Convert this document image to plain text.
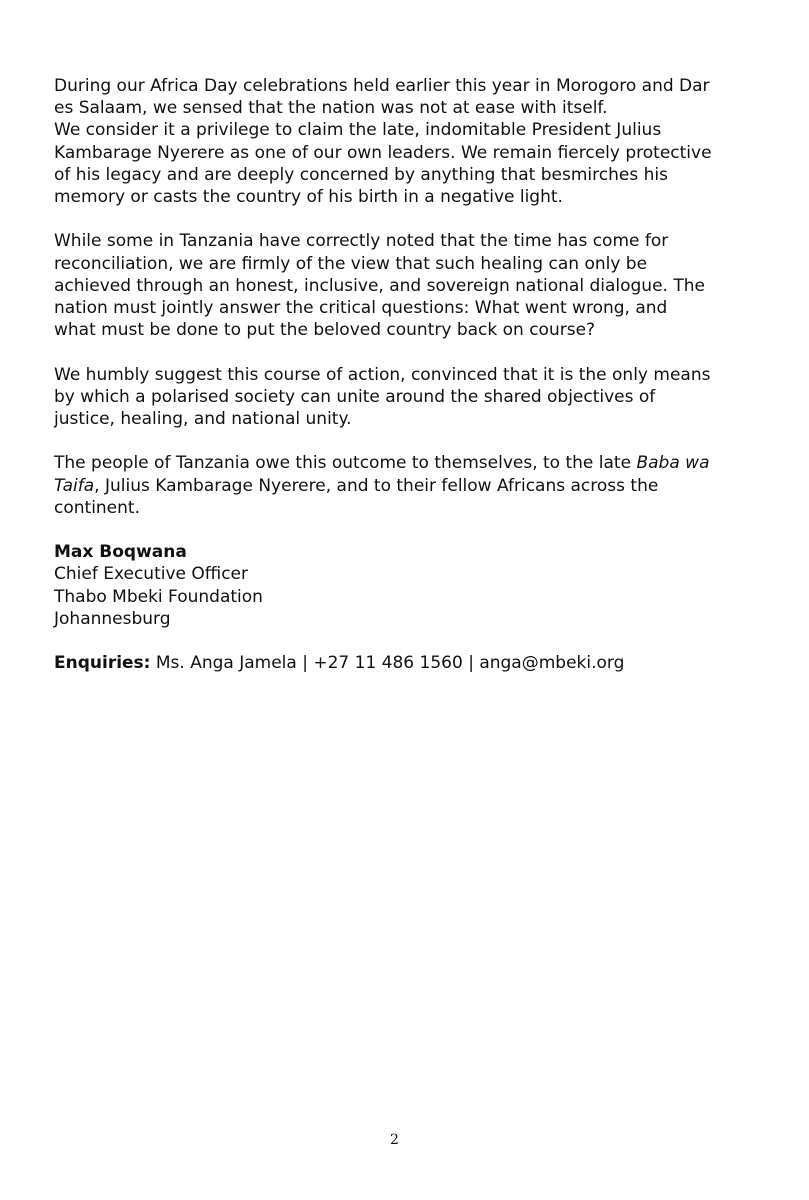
During our Africa Day celebrations held earlier this year in Morogoro and Dar
es Salaam, we sensed that the nation was not at ease with itself.
We consider it a privilege to claim the late, indomitable President Julius
Kambarage Nyerere as one of our own leaders. We remain fiercely protective
of his legacy and are deeply concerned by anything that besmirches his
memory or casts the country of his birth in a negative light.

While some in Tanzania have correctly noted that the time has come for
reconciliation, we are firmly of the view that such healing can only be
achieved through an honest, inclusive, and sovereign national dialogue. The
nation must jointly answer the critical questions: What went wrong, and
what must be done to put the beloved country back on course?

We humbly suggest this course of action, convinced that it is the only means
by which a polarised society can unite around the shared objectives of
justice, healing, and national unity.

The people of Tanzania owe this outcome to themselves, to the late Baba wa
Taifa, Julius Kambarage Nyerere, and to their fellow Africans across the
continent.

Max Boqwana
Chief Executive Officer
Thabo Mbeki Foundation
Johannesburg

Enquiries: Ms. Anga Jamela | +27 11 486 1560 | anga@mbeki.org

2
